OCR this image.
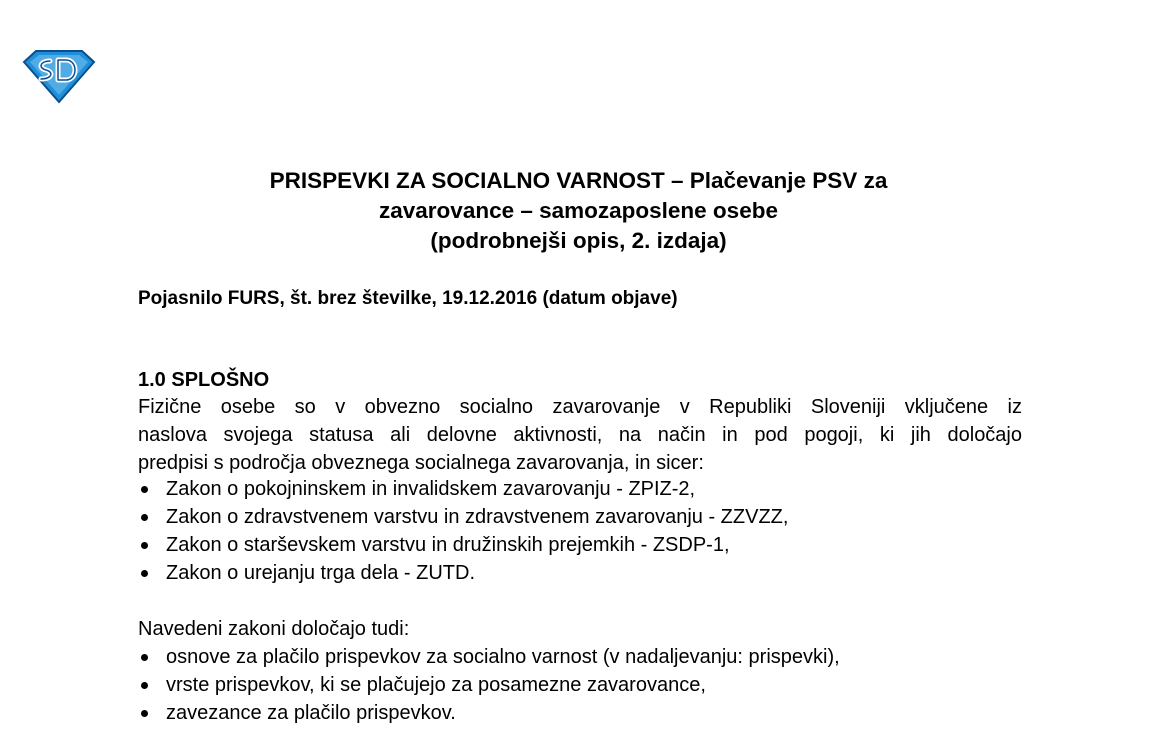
PRISPEVKI ZA SOCIALNO VARNOST – Plačevanje PSV za
zavarovance – samozaposlene osebe
(podrobnejši opis, 2. izdaja)
Pojasnilo FURS, št. brez številke, 19.12.2016 (datum objave)
1.0 SPLOŠNO
Fizične osebe so v obvezno socialno zavarovanje v Republiki Sloveniji vključene iz
naslova svojega statusa ali delovne aktivnosti, na način in pod pogoji, ki jih določajo
predpisi s področja obveznega socialnega zavarovanja, in sicer:
Zakon o pokojninskem in invalidskem zavarovanju - ZPIZ-2,
Zakon o zdravstvenem varstvu in zdravstvenem zavarovanju - ZZVZZ,
Zakon o starševskem varstvu in družinskih prejemkih - ZSDP-1,
Zakon o urejanju trga dela - ZUTD.
Navedeni zakoni določajo tudi:
osnove za plačilo prispevkov za socialno varnost (v nadaljevanju: prispevki),
vrste prispevkov, ki se plačujejo za posamezne zavarovance,
zavezance za plačilo prispevkov.
